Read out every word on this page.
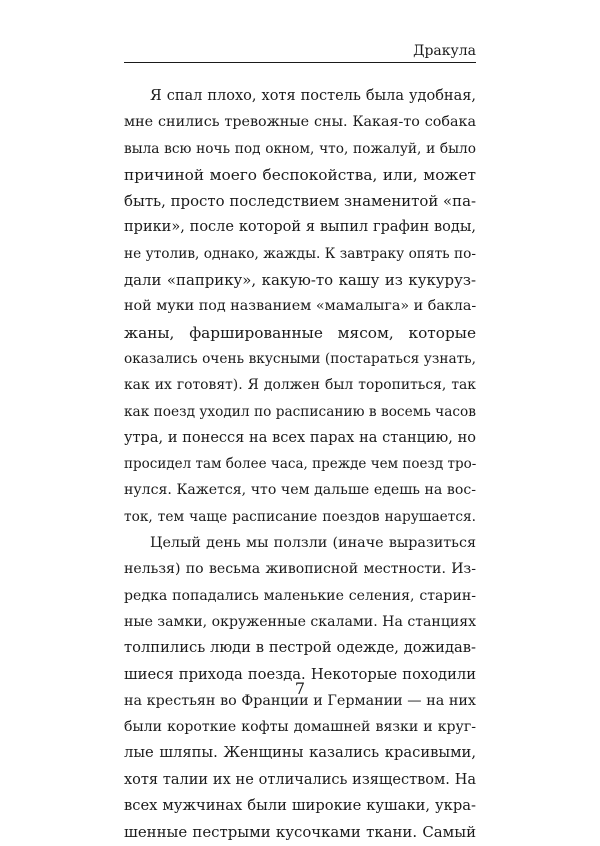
Дракула
Я спал плохо, хотя постель была удобная,
мне снились тревожные сны. Какая-то собака
выла всю ночь под окном, что, пожалуй, и было
причиной моего беспокойства, или, может
быть, просто последствием знаменитой «па-
прики», после которой я выпил графин воды,
не утолив, однако, жажды. К завтраку опять по-
дали «паприку», какую-то кашу из кукуруз-
ной муки под названием «мамалыга» и бакла-
жаны, фаршированные мясом, которые
оказались очень вкусными (постараться узнать,
как их готовят). Я должен был торопиться, так
как поезд уходил по расписанию в восемь часов
утра, и понесся на всех парах на станцию, но
просидел там более часа, прежде чем поезд тро-
нулся. Кажется, что чем дальше едешь на вос-
ток, тем чаще расписание поездов нарушается.
Целый день мы ползли (иначе выразиться
нельзя) по весьма живописной местности. Из-
редка попадались маленькие селения, старин-
ные замки, окруженные скалами. На станциях
толпились люди в пестрой одежде, дожидав-
шиеся прихода поезда. Некоторые походили
на крестьян во Франции и Германии — на них
были короткие кофты домашней вязки и круг-
лые шляпы. Женщины казались красивыми,
хотя талии их не отличались изяществом. На
всех мужчинах были широкие кушаки, укра-
шенные пестрыми кусочками ткани. Самый
7
